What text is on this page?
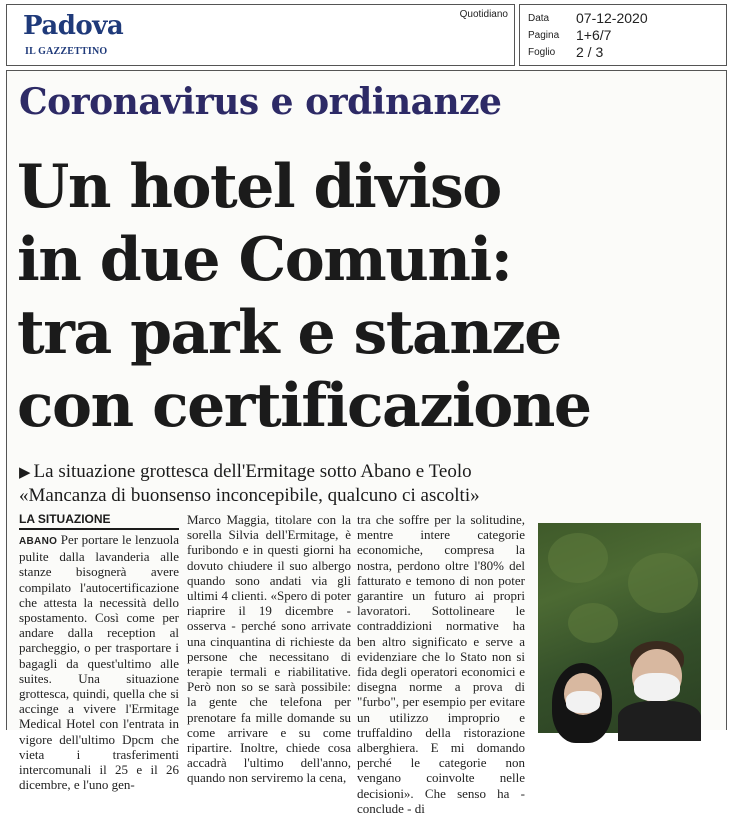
Padova
IL GAZZETTINO
Quotidiano Data 07-12-2020
Pagina 1+6/7
Foglio 2 / 3
Coronavirus e ordinanze
Un hotel diviso
in due Comuni:
tra park e stanze
con certificazione
▶ La situazione grottesca dell'Ermitage sotto Abano e Teolo
«Mancanza di buonsenso inconcepibile, qualcuno ci ascolti»
LA SITUAZIONE
ABANO Per portare le lenzuola pulite dalla lavanderia alle stanze bisognerà avere compilato l'autocertificazione che attesta la necessità dello spostamento. Così come per andare dalla reception al parcheggio, o per trasportare i bagagli da quest'ultimo alle suites. Una situazione grottesca, quindi, quella che si accinge a vivere l'Ermitage Medical Hotel con l'entrata in vigore dell'ultimo Dpcm che vieta i trasferimenti intercomunali il 25 e il 26 dicembre, e l'uno gen-
Marco Maggia, titolare con la sorella Silvia dell'Ermitage, è furibondo e in questi giorni ha dovuto chiudere il suo albergo quando sono andati via gli ultimi 4 clienti. «Spero di poter riaprire il 19 dicembre - osserva - perché sono arrivate una cinquantina di richieste da persone che necessitano di terapie termali e riabilitative. Però non so se sarà possibile: la gente che telefona per prenotare fa mille domande su come arrivare e su come ripartire. Inoltre, chiede cosa accadrà l'ultimo dell'anno, quando non serviremo la cena,
tra che soffre per la solitudine, mentre intere categorie economiche, compresa la nostra, perdono oltre l'80% del fatturato e temono di non poter garantire un futuro ai propri lavoratori. Sottolineare le contraddizioni normative ha ben altro significato e serve a evidenziare che lo Stato non si fida degli operatori economici e disegna norme a prova di "furbo", per esempio per evitare un utilizzo improprio e truffaldino della ristorazione alberghiera. E mi domando perché le categorie non vengano coinvolte nelle decisioni». Che senso ha - conclude - di
